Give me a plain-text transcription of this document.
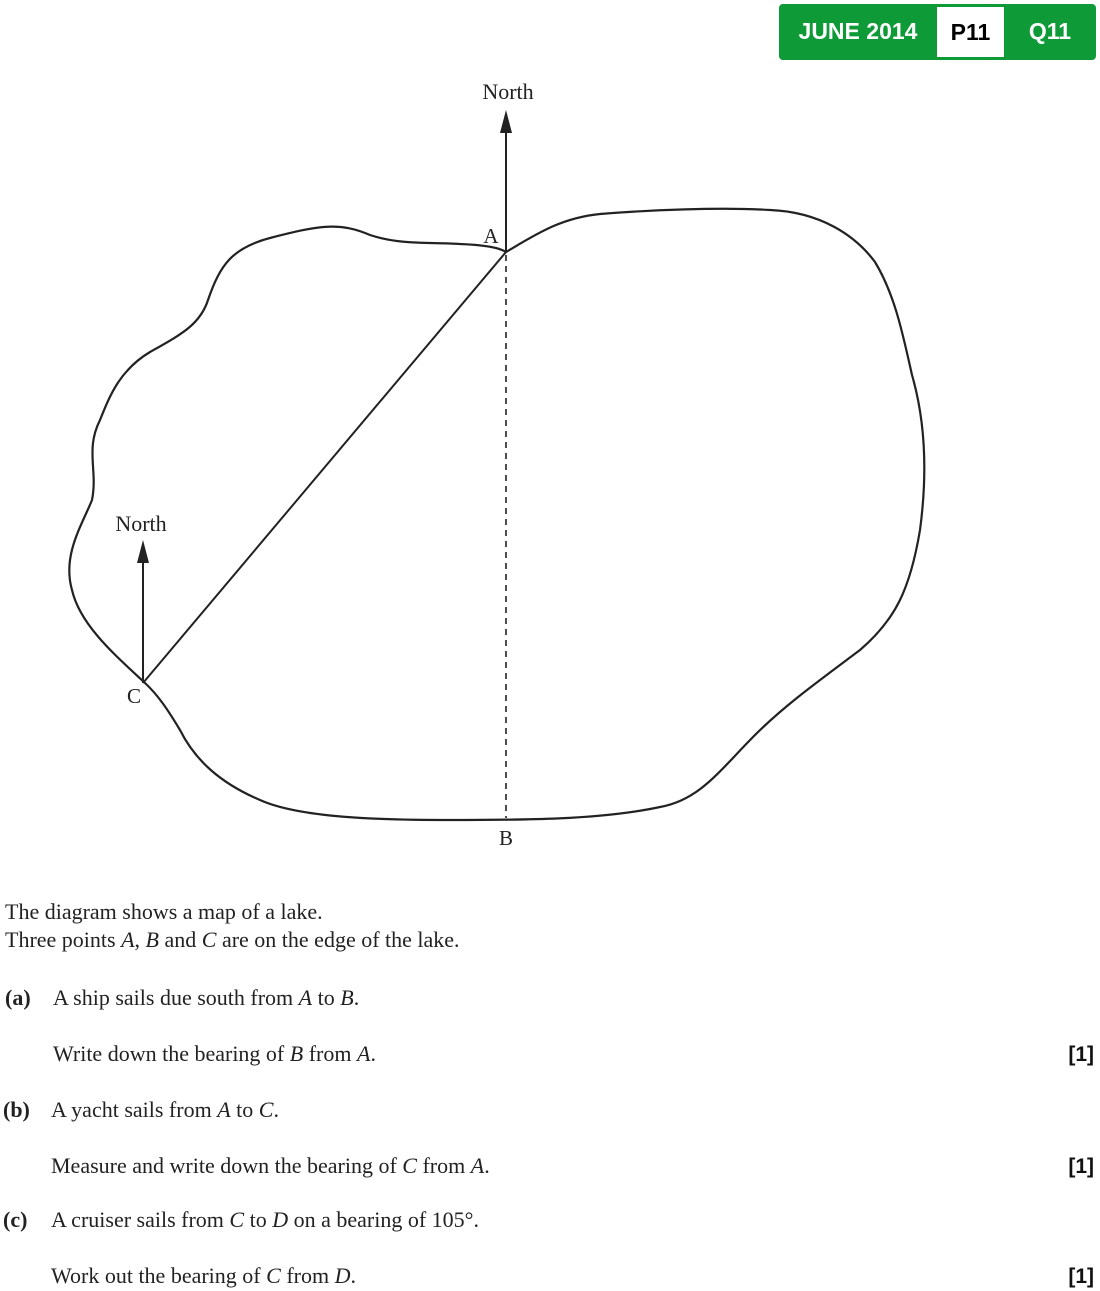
JUNE 2014	P11	Q11
North
North
A
B
C
The diagram shows a map of a lake.
Three points A, B and C are on the edge of the lake.
(a) A ship sails due south from A to B.
Write down the bearing of B from A.	[1]
(b) A yacht sails from A to C.
Measure and write down the bearing of C from A.	[1]
(c) A cruiser sails from C to D on a bearing of 105°.
Work out the bearing of C from D.	[1]
